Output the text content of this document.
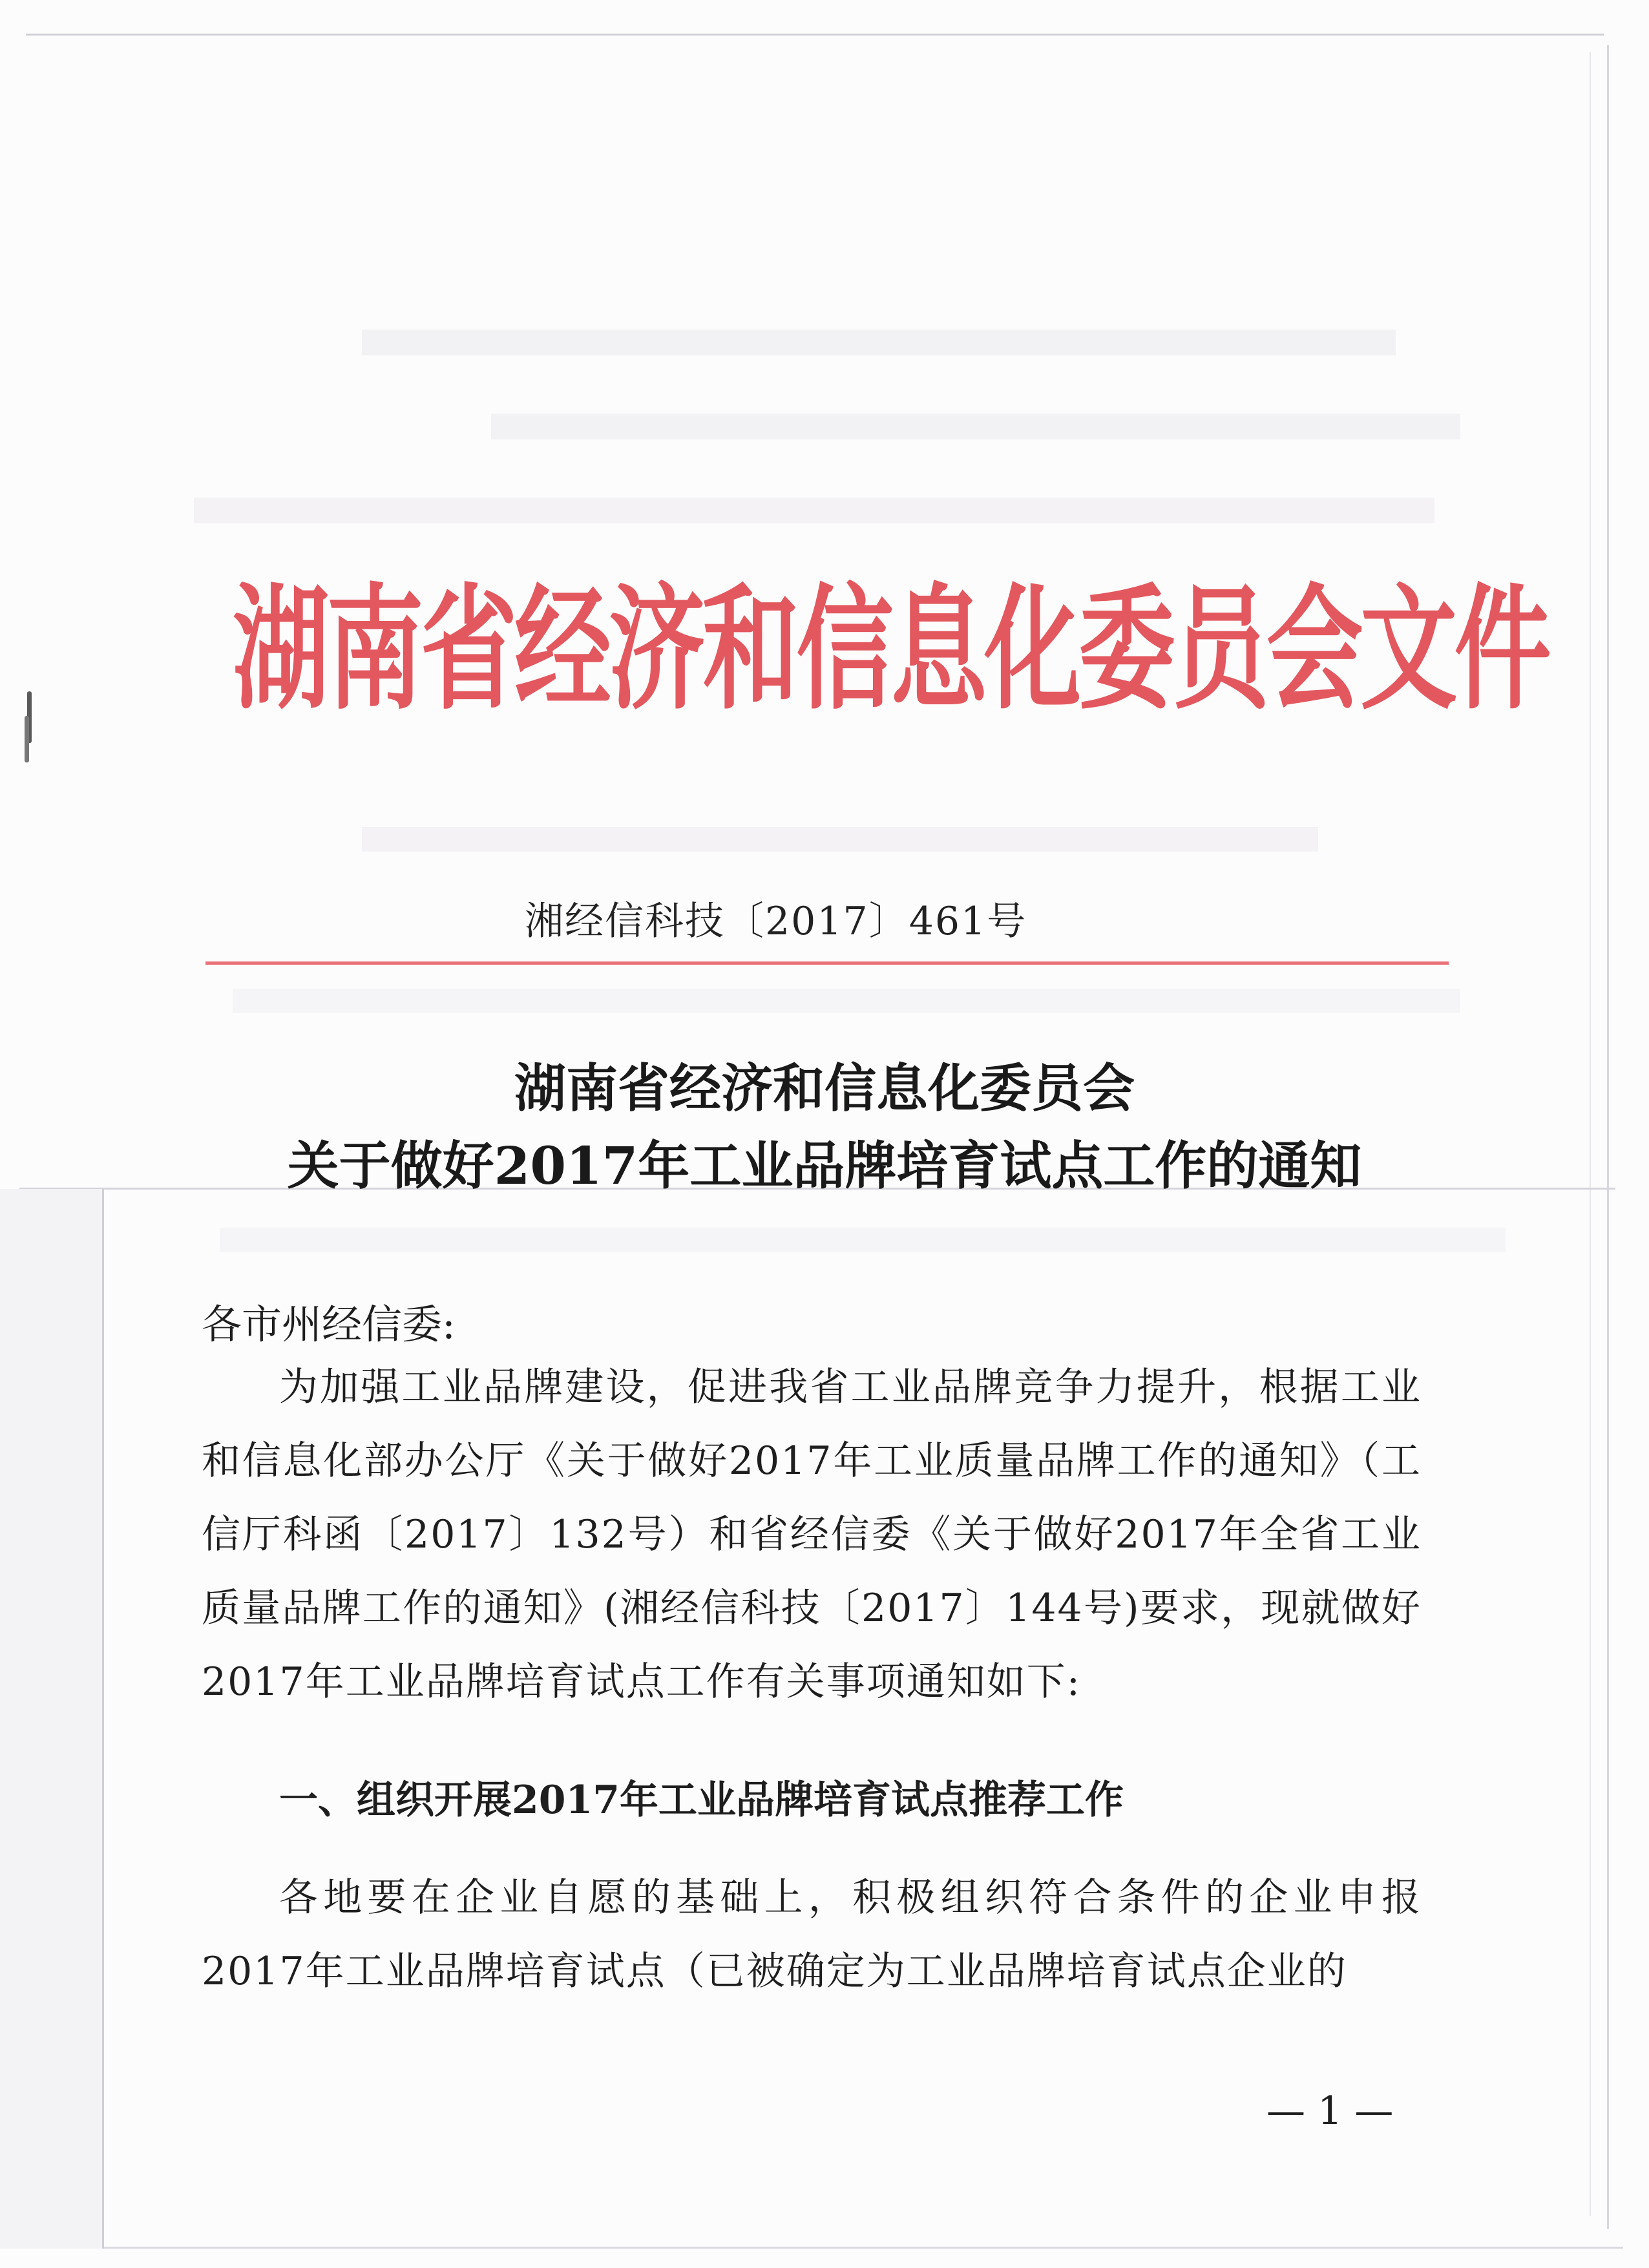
湖南省经济和信息化委员会文件
湘经信科技〔2017〕461号
湖南省经济和信息化委员会
关于做好2017年工业品牌培育试点工作的通知
各市州经信委:
为加强工业品牌建设，促进我省工业品牌竞争力提升，根据工业和信息化部办公厅《关于做好2017年工业质量品牌工作的通知》（工信厅科函〔2017〕132号）和省经信委《关于做好2017年全省工业质量品牌工作的通知》(湘经信科技〔2017〕144号)要求，现就做好2017年工业品牌培育试点工作有关事项通知如下:
一、组织开展2017年工业品牌培育试点推荐工作
各地要在企业自愿的基础上，积极组织符合条件的企业申报2017年工业品牌培育试点（已被确定为工业品牌培育试点企业的
— 1 —
